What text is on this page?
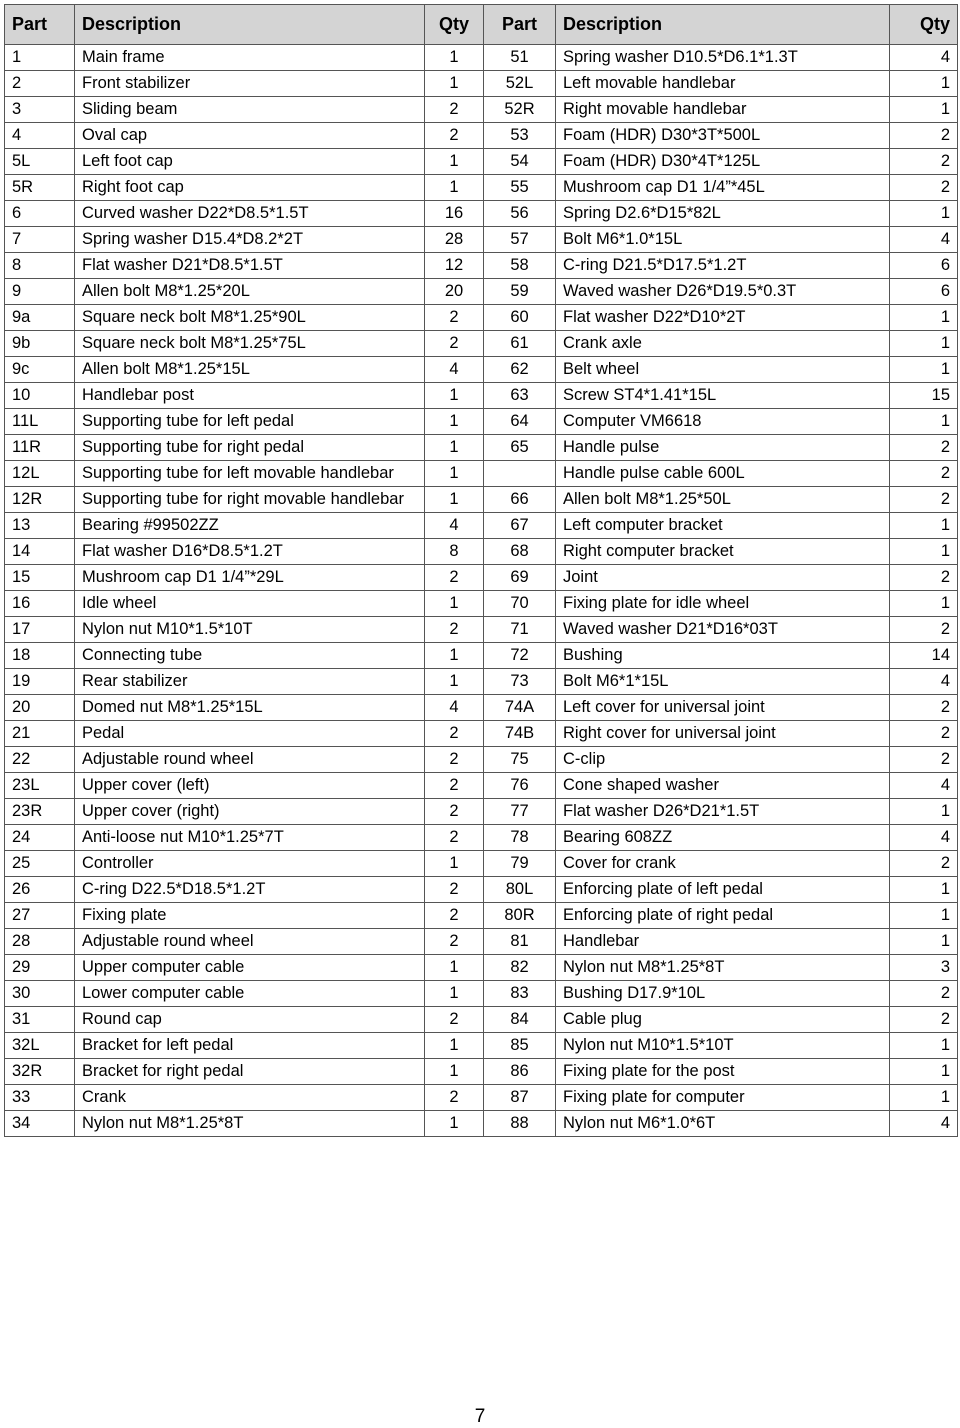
Part	Description	Qty	Part	Description	Qty
1	Main frame	1	51	Spring washer D10.5*D6.1*1.3T	4
2	Front stabilizer	1	52L	Left movable handlebar	1
3	Sliding beam	2	52R	Right movable handlebar	1
4	Oval cap	2	53	Foam (HDR) D30*3T*500L	2
5L	Left foot cap	1	54	Foam (HDR) D30*4T*125L	2
5R	Right foot cap	1	55	Mushroom cap D1 1/4”*45L	2
6	Curved washer D22*D8.5*1.5T	16	56	Spring D2.6*D15*82L	1
7	Spring washer D15.4*D8.2*2T	28	57	Bolt M6*1.0*15L	4
8	Flat washer D21*D8.5*1.5T	12	58	C-ring D21.5*D17.5*1.2T	6
9	Allen bolt M8*1.25*20L	20	59	Waved washer D26*D19.5*0.3T	6
9a	Square neck bolt M8*1.25*90L	2	60	Flat washer D22*D10*2T	1
9b	Square neck bolt M8*1.25*75L	2	61	Crank axle	1
9c	Allen bolt M8*1.25*15L	4	62	Belt wheel	1
10	Handlebar post	1	63	Screw ST4*1.41*15L	15
11L	Supporting tube for left pedal	1	64	Computer VM6618	1
11R	Supporting tube for right pedal	1	65	Handle pulse	2
12L	Supporting tube for left movable handlebar	1		Handle pulse cable 600L	2
12R	Supporting tube for right movable handlebar	1	66	Allen bolt M8*1.25*50L	2
13	Bearing #99502ZZ	4	67	Left computer bracket	1
14	Flat washer D16*D8.5*1.2T	8	68	Right computer bracket	1
15	Mushroom cap D1 1/4”*29L	2	69	Joint	2
16	Idle wheel	1	70	Fixing plate for idle wheel	1
17	Nylon nut M10*1.5*10T	2	71	Waved washer D21*D16*03T	2
18	Connecting tube	1	72	Bushing	14
19	Rear stabilizer	1	73	Bolt M6*1*15L	4
20	Domed nut M8*1.25*15L	4	74A	Left cover for universal joint	2
21	Pedal	2	74B	Right cover for universal joint	2
22	Adjustable round wheel	2	75	C-clip	2
23L	Upper cover (left)	2	76	Cone shaped washer	4
23R	Upper cover (right)	2	77	Flat washer D26*D21*1.5T	1
24	Anti-loose nut M10*1.25*7T	2	78	Bearing 608ZZ	4
25	Controller	1	79	Cover for crank	2
26	C-ring D22.5*D18.5*1.2T	2	80L	Enforcing plate of left pedal	1
27	Fixing plate	2	80R	Enforcing plate of right pedal	1
28	Adjustable round wheel	2	81	Handlebar	1
29	Upper computer cable	1	82	Nylon nut M8*1.25*8T	3
30	Lower computer cable	1	83	Bushing D17.9*10L	2
31	Round cap	2	84	Cable plug	2
32L	Bracket for left pedal	1	85	Nylon nut M10*1.5*10T	1
32R	Bracket for right pedal	1	86	Fixing plate for the post	1
33	Crank	2	87	Fixing plate for computer	1
34	Nylon nut M8*1.25*8T	1	88	Nylon nut M6*1.0*6T	4
7
